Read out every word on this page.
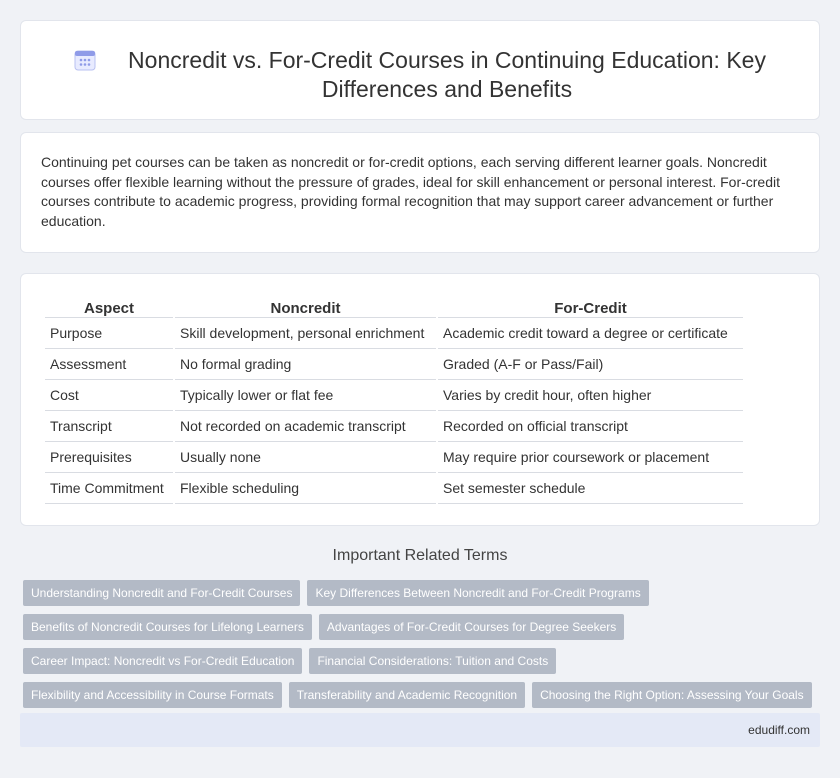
Noncredit vs. For-Credit Courses in Continuing Education: Key Differences and Benefits

Continuing pet courses can be taken as noncredit or for-credit options, each serving different learner goals. Noncredit courses offer flexible learning without the pressure of grades, ideal for skill enhancement or personal interest. For-credit courses contribute to academic progress, providing formal recognition that may support career advancement or further education.

Aspect	Noncredit	For-Credit
Purpose	Skill development, personal enrichment	Academic credit toward a degree or certificate
Assessment	No formal grading	Graded (A-F or Pass/Fail)
Cost	Typically lower or flat fee	Varies by credit hour, often higher
Transcript	Not recorded on academic transcript	Recorded on official transcript
Prerequisites	Usually none	May require prior coursework or placement
Time Commitment	Flexible scheduling	Set semester schedule
Important Related Terms
Understanding Noncredit and For-Credit Courses	Key Differences Between Noncredit and For-Credit Programs
Benefits of Noncredit Courses for Lifelong Learners	Advantages of For-Credit Courses for Degree Seekers
Career Impact: Noncredit vs For-Credit Education	Financial Considerations: Tuition and Costs
Flexibility and Accessibility in Course Formats	Transferability and Academic Recognition	Choosing the Right Option: Assessing Your Goals
edudiff.com
